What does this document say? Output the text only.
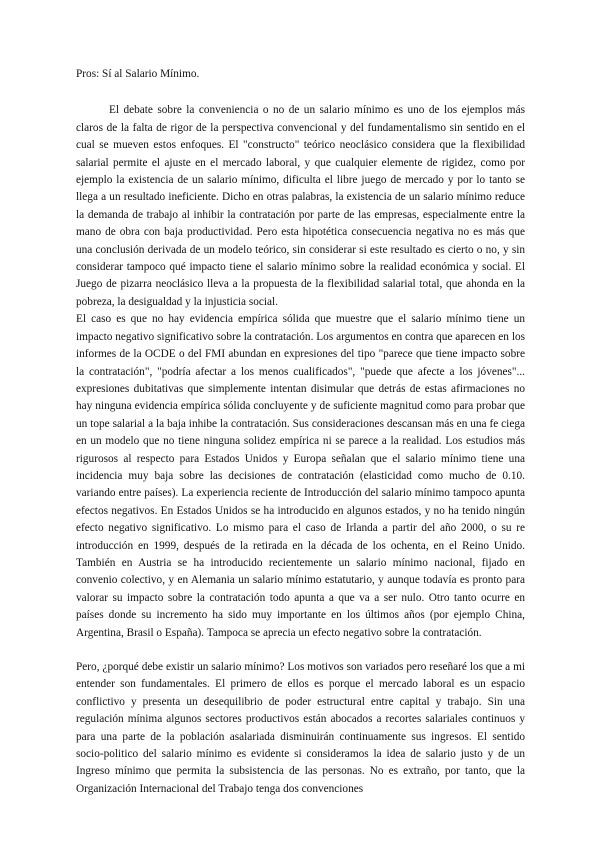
Pros: Sí al Salario Mínimo.

El debate sobre la conveniencia o no de un salario mínimo es uno de los ejemplos más claros de la falta de rigor de la perspectiva convencional y del fundamentalismo sin sentido en el cual se mueven estos enfoques. El "constructo" teórico neoclásico considera que la flexibilidad salarial permite el ajuste en el mercado laboral, y que cualquier elemente de rigidez, como por ejemplo la existencia de un salario mínimo, dificulta el libre juego de mercado y por lo tanto se llega a un resultado ineficiente. Dicho en otras palabras, la existencia de un salario mínimo reduce la demanda de trabajo al inhibir la contratación por parte de las empresas, especialmente entre la mano de obra con baja productividad. Pero esta hipotética consecuencia negativa no es más que una conclusión derivada de un modelo teórico, sin considerar si este resultado es cierto o no, y sin considerar tampoco qué impacto tiene el salario mínimo sobre la realidad económica y social. El Juego de pizarra neoclásico lleva a la propuesta de la flexibilidad salarial total, que ahonda en la pobreza, la desigualdad y la injusticia social.

El caso es que no hay evidencia empírica sólida que muestre que el salario mínimo tiene un impacto negativo significativo sobre la contratación. Los argumentos en contra que aparecen en los informes de la OCDE o del FMI abundan en expresiones del tipo "parece que tiene impacto sobre la contratación", "podría afectar a los menos cualificados", "puede que afecte a los jóvenes"... expresiones dubitativas que simplemente intentan disimular que detrás de estas afirmaciones no hay ninguna evidencia empírica sólida concluyente y de suficiente magnitud como para probar que un tope salarial a la baja inhibe la contratación. Sus consideraciones descansan más en una fe ciega en un modelo que no tiene ninguna solidez empírica ni se parece a la realidad. Los estudios más rigurosos al respecto para Estados Unidos y Europa señalan que el salario mínimo tiene una incidencia muy baja sobre las decisiones de contratación (elasticidad como mucho de 0.10. variando entre países). La experiencia reciente de Introducción del salario mínimo tampoco apunta efectos negativos. En Estados Unidos se ha introducido en algunos estados, y no ha tenido ningún efecto negativo significativo. Lo mismo para el caso de Irlanda a partir del año 2000, o su re introducción en 1999, después de la retirada en la década de los ochenta, en el Reino Unido. También en Austria se ha introducido recientemente un salario mínimo nacional, fijado en convenio colectivo, y en Alemania un salario mínimo estatutario, y aunque todavía es pronto para valorar su impacto sobre la contratación todo apunta a que va a ser nulo. Otro tanto ocurre en países donde su incremento ha sido muy importante en los últimos años (por ejemplo China, Argentina, Brasil o España). Tampoca se aprecia un efecto negativo sobre la contratación.

Pero, ¿porqué debe existir un salario mínimo? Los motivos son variados pero reseñaré los que a mi entender son fundamentales. El primero de ellos es porque el mercado laboral es un espacio conflictivo y presenta un desequilibrio de poder estructural entre capital y trabajo. Sin una regulación mínima algunos sectores productivos están abocados a recortes salariales continuos y para una parte de la población asalariada disminuirán continuamente sus ingresos. El sentido socio-politico del salario mínimo es evidente si consideramos la idea de salario justo y de un Ingreso mínimo que permita la subsistencia de las personas. No es extraño, por tanto, que la Organización Internacional del Trabajo tenga dos convenciones
